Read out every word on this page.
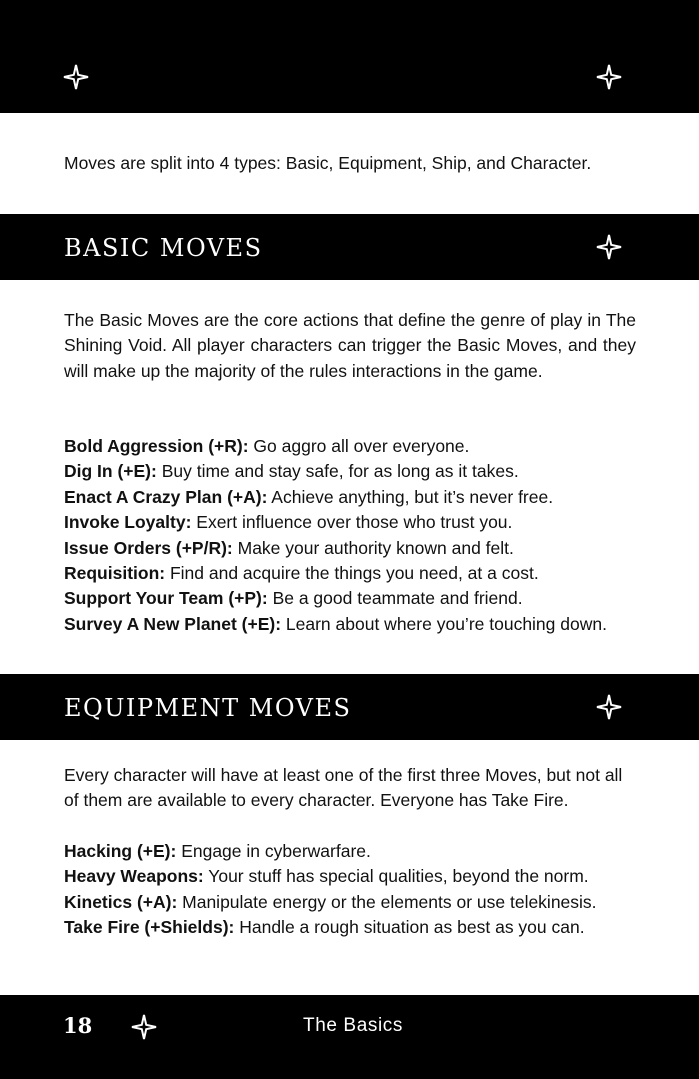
Moves are split into 4 types: Basic, Equipment, Ship, and Character.

BASIC MOVES

The Basic Moves are the core actions that define the genre of play in The Shining Void. All player characters can trigger the Basic Moves, and they will make up the majority of the rules interactions in the game.

Bold Aggression (+R): Go aggro all over everyone.
Dig In (+E): Buy time and stay safe, for as long as it takes.
Enact A Crazy Plan (+A): Achieve anything, but it’s never free.
Invoke Loyalty: Exert influence over those who trust you.
Issue Orders (+P/R): Make your authority known and felt.
Requisition: Find and acquire the things you need, at a cost.
Support Your Team (+P): Be a good teammate and friend.
Survey A New Planet (+E): Learn about where you’re touching down.
EQUIPMENT MOVES

Every character will have at least one of the first three Moves, but not all of them are available to every character. Everyone has Take Fire.

Hacking (+E): Engage in cyberwarfare.
Heavy Weapons: Your stuff has special qualities, beyond the norm.
Kinetics (+A): Manipulate energy or the elements or use telekinesis.
Take Fire (+Shields): Handle a rough situation as best as you can.
18	The Basics
